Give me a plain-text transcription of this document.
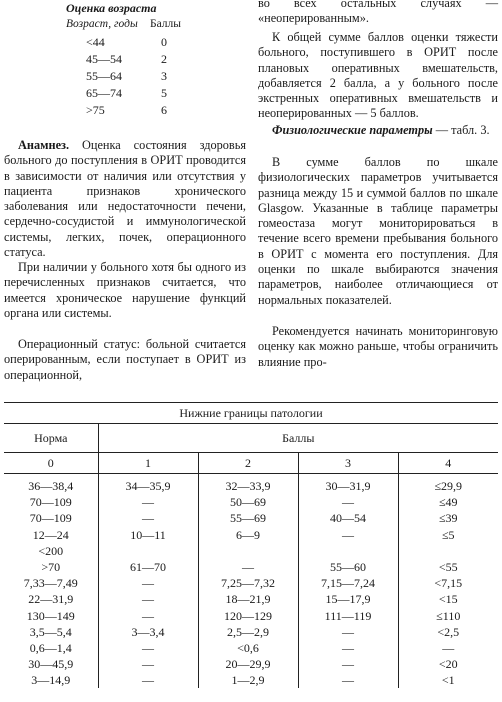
Оценка возраста
Возраст, годы Баллы
<44	0
45—54	2
55—64	3
65—74	5
>75	6

Анамнез. Оценка состояния здоровья больного до поступления в ОРИТ проводится в зависимости от наличия или отсутствия у пациента признаков хронического заболевания или недостаточности печени, сердечно-сосудистой и иммунологической системы, легких, почек, операционного статуса.

При наличии у больного хотя бы одного из перечисленных признаков считается, что имеется хроническое нарушение функций органа или системы.

Операционный статус: больной считается оперированным, если поступает в ОРИТ из операционной,

во всех остальных случаях — «неоперированным».

К общей сумме баллов оценки тяжести больного, поступившего в ОРИТ после плановых оперативных вмешательств, добавляется 2 балла, а у больного после экстренных оперативных вмешательств и неоперированных — 5 баллов.

Физиологические параметры — табл. 3.

В сумме баллов по шкале физиологических параметров учитывается разница между 15 и суммой баллов по шкале Glasgow. Указанные в таблице параметры гомеостаза могут мониторироваться в течение всего времени пребывания больного в ОРИТ с момента его поступления. Для оценки по шкале выбираются значения параметров, наиболее отличающиеся от нормальных показателей.

Рекомендуется начинать мониторинговую оценку как можно раньше, чтобы ограничить влияние про-

Нижние границы патологии				
Норма	Баллы			
0	1	2	3	4
36—38,4	34—35,9	32—33,9	30—31,9	≤29,9
70—109	—	50—69	—	≤49
70—109	—	55—69	40—54	≤39
12—24	10—11	6—9	—	≤5
<200				
>70	61—70	—	55—60	<55
7,33—7,49	—	7,25—7,32	7,15—7,24	<7,15
22—31,9	—	18—21,9	15—17,9	<15
130—149	—	120—129	111—119	≤110
3,5—5,4	3—3,4	2,5—2,9	—	<2,5
0,6—1,4	—	<0,6	—	—
30—45,9	—	20—29,9	—	<20
3—14,9	—	1—2,9	—	<1
